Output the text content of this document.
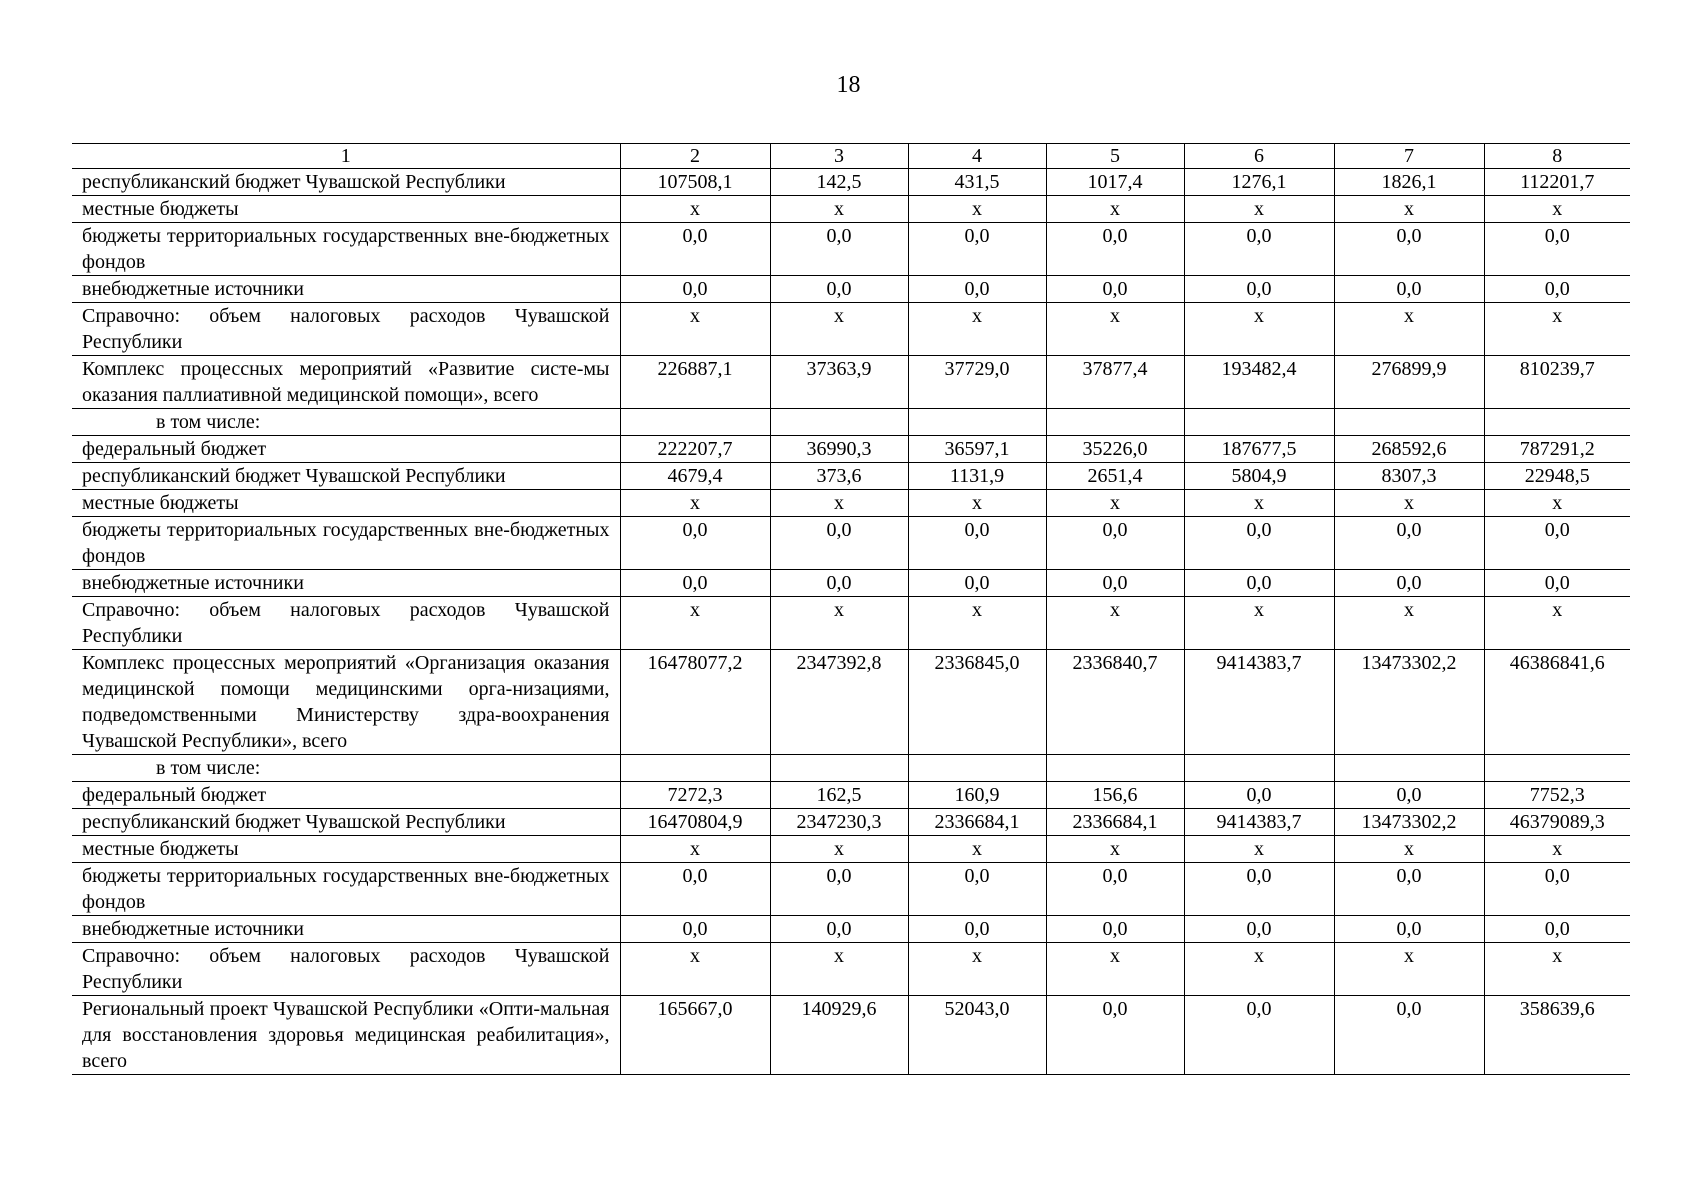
18
1	2	3	4	5	6	7	8
республиканский бюджет Чувашской Республики	107508,1	142,5	431,5	1017,4	1276,1	1826,1	112201,7
местные бюджеты	x	x	x	x	x	x	x
бюджеты территориальных государственных вне-бюджетных фондов	0,0	0,0	0,0	0,0	0,0	0,0	0,0
внебюджетные источники	0,0	0,0	0,0	0,0	0,0	0,0	0,0
Справочно: объем налоговых расходов Чувашской Республики	x	x	x	x	x	x	x
Комплекс процессных мероприятий «Развитие систе-мы оказания паллиативной медицинской помощи», всего	226887,1	37363,9	37729,0	37877,4	193482,4	276899,9	810239,7
в том числе:							
федеральный бюджет	222207,7	36990,3	36597,1	35226,0	187677,5	268592,6	787291,2
республиканский бюджет Чувашской Республики	4679,4	373,6	1131,9	2651,4	5804,9	8307,3	22948,5
местные бюджеты	x	x	x	x	x	x	x
бюджеты территориальных государственных вне-бюджетных фондов	0,0	0,0	0,0	0,0	0,0	0,0	0,0
внебюджетные источники	0,0	0,0	0,0	0,0	0,0	0,0	0,0
Справочно: объем налоговых расходов Чувашской Республики	x	x	x	x	x	x	x
Комплекс процессных мероприятий «Организация оказания медицинской помощи медицинскими орга-низациями, подведомственными Министерству здра-воохранения Чувашской Республики», всего	16478077,2	2347392,8	2336845,0	2336840,7	9414383,7	13473302,2	46386841,6
в том числе:							
федеральный бюджет	7272,3	162,5	160,9	156,6	0,0	0,0	7752,3
республиканский бюджет Чувашской Республики	16470804,9	2347230,3	2336684,1	2336684,1	9414383,7	13473302,2	46379089,3
местные бюджеты	x	x	x	x	x	x	x
бюджеты территориальных государственных вне-бюджетных фондов	0,0	0,0	0,0	0,0	0,0	0,0	0,0
внебюджетные источники	0,0	0,0	0,0	0,0	0,0	0,0	0,0
Справочно: объем налоговых расходов Чувашской Республики	x	x	x	x	x	x	x
Региональный проект Чувашской Республики «Опти-мальная для восстановления здоровья медицинская реабилитация», всего	165667,0	140929,6	52043,0	0,0	0,0	0,0	358639,6
